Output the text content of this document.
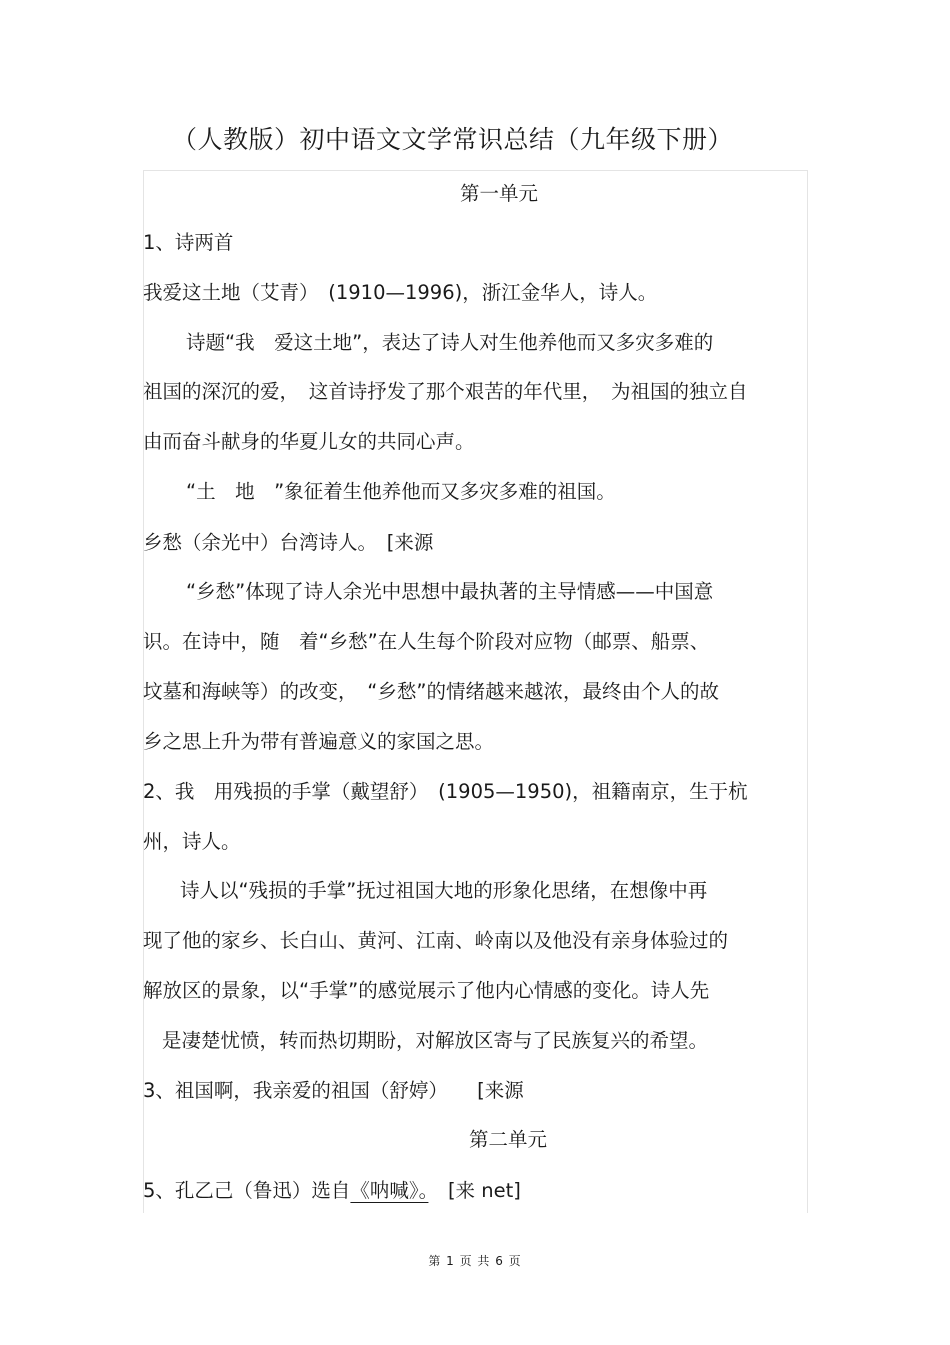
（人教版）初中语文文学常识总结（九年级下册）
第一单元
1、诗两首
我爱这土地（艾青）　(1910—1996)，浙江金华人，诗人。
诗题“我　爱这土地”，表达了诗人对生他养他而又多灾多难的
祖国的深沉的爱，　这首诗抒发了那个艰苦的年代里，　为祖国的独立自
由而奋斗献身的华夏儿女的共同心声。
“土　地　”象征着生他养他而又多灾多难的祖国。
乡愁（余光中）台湾诗人。　[来源
“乡愁”体现了诗人余光中思想中最执著的主导情感——中国意
识。在诗中，随　着“乡愁”在人生每个阶段对应物（邮票、船票、
坟墓和海峡等）的改变，　“乡愁”的情绪越来越浓，最终由个人的故
乡之思上升为带有普遍意义的家国之思。
2、我　用残损的手掌（戴望舒）　(1905—1950)，祖籍南京，生于杭
州，诗人。
诗人以“残损的手掌”抚过祖国大地的形象化思绪，在想像中再
现了他的家乡、长白山、黄河、江南、岭南以及他没有亲身体验过的
解放区的景象，以“手掌”的感觉展示了他内心情感的变化。诗人先
是凄楚忧愤，转而热切期盼，对解放区寄与了民族复兴的希望。
3、祖国啊，我亲爱的祖国（舒婷）　　[来源
第二单元
5、孔乙己（鲁迅）选自《呐喊》。　[来 net]
第 1 页 共 6 页
